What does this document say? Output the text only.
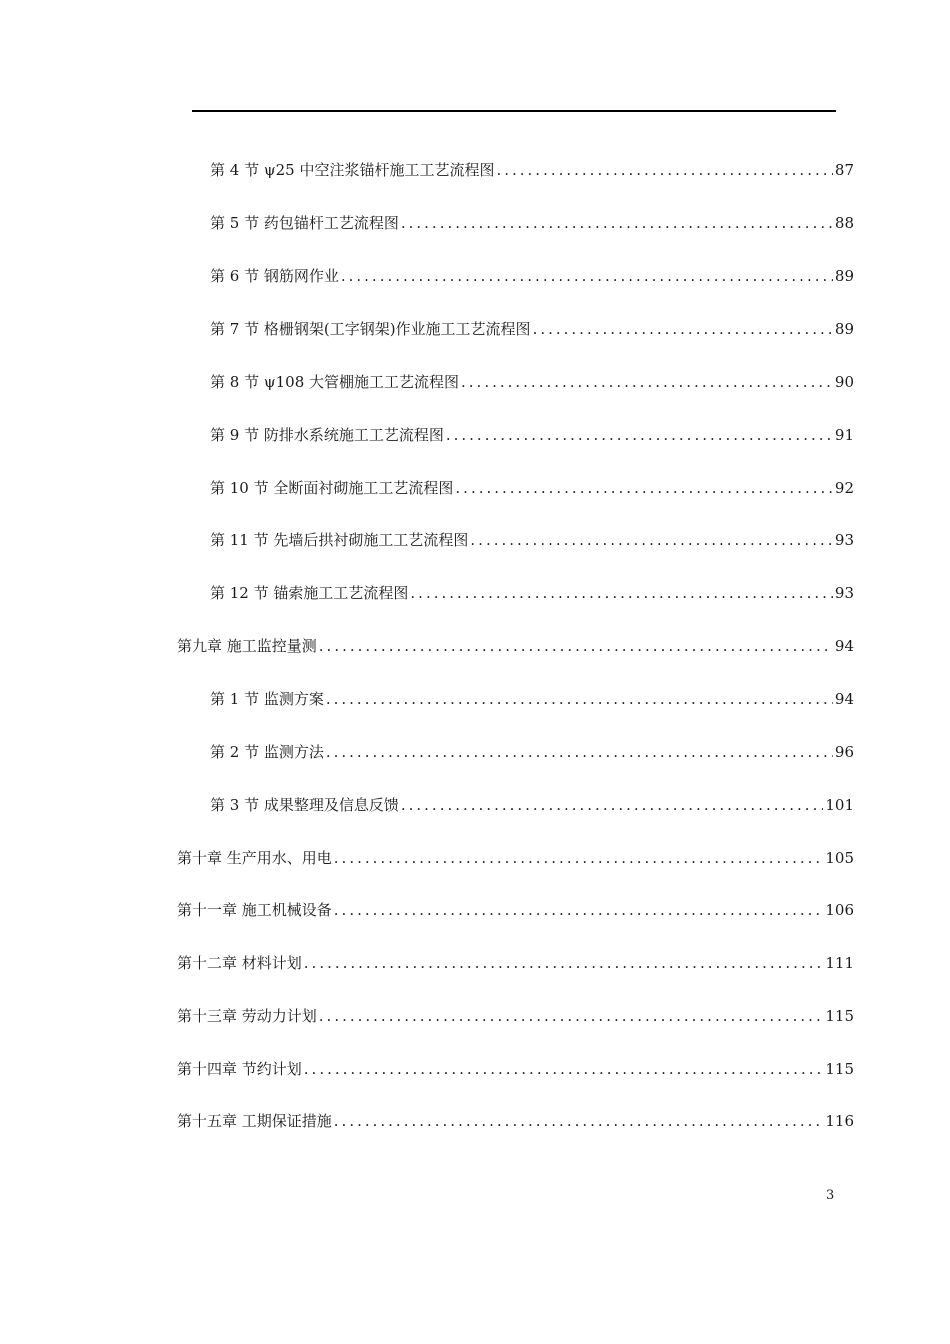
第 4 节 ψ25 中空注浆锚杆施工工艺流程图 .....	87
第 5 节 药包锚杆工艺流程图 .....	88
第 6 节 钢筋网作业 .....	89
第 7 节 格栅钢架(工字钢架)作业施工工艺流程图 .....	89
第 8 节 ψ108 大管棚施工工艺流程图 .....	90
第 9 节 防排水系统施工工艺流程图 .....	91
第 10 节 全断面衬砌施工工艺流程图 .....	92
第 11 节 先墙后拱衬砌施工工艺流程图 .....	93
第 12 节 锚索施工工艺流程图 .....	93
第九章 施工监控量测 .....	94
第 1 节 监测方案 .....	94
第 2 节 监测方法 .....	96
第 3 节 成果整理及信息反馈 .....	101
第十章 生产用水、用电 .....	105
第十一章 施工机械设备 .....	106
第十二章 材料计划 .....	111
第十三章 劳动力计划 .....	115
第十四章 节约计划 .....	115
第十五章 工期保证措施 .....	116
3
